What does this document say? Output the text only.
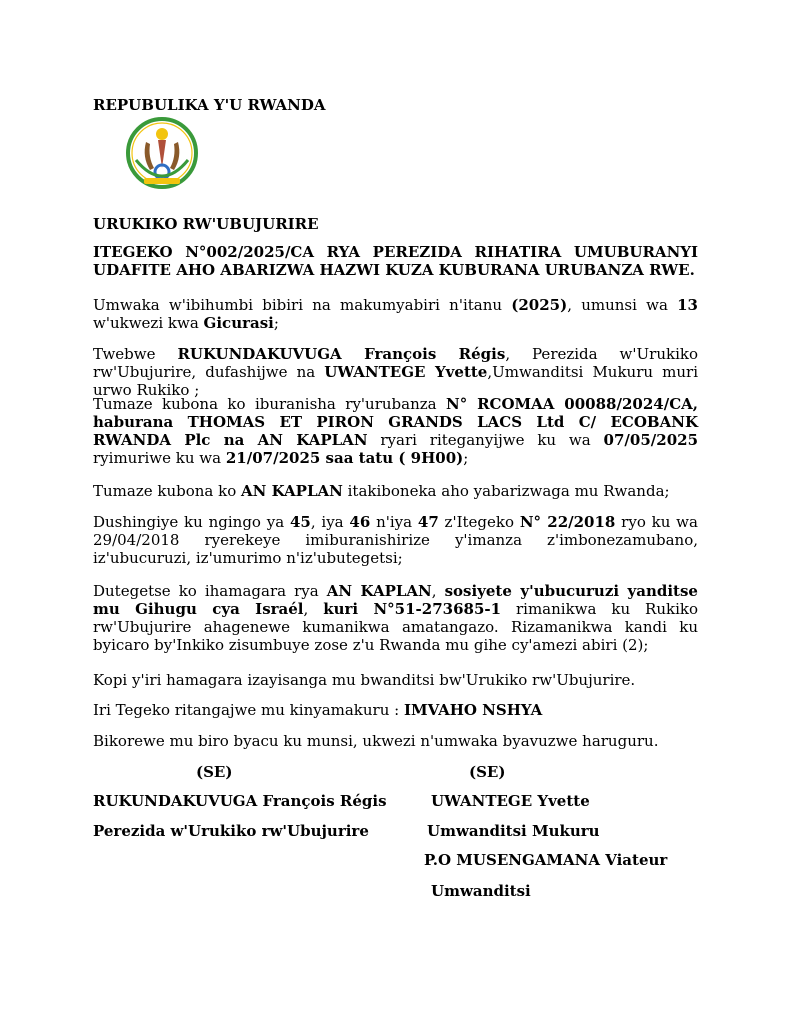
REPUBULIKA Y'U RWANDA
URUKIKO RW'UBUJURIRE
ITEGEKO N°002/2025/CA RYA PEREZIDA RIHATIRA UMUBURANYI
UDAFITE AHO ABARIZWA HAZWI KUZA KUBURANA URUBANZA RWE.

Umwaka w'ibihumbi bibiri na makumyabiri n'itanu (2025), umunsi wa 13 w'ukwezi kwa Gicurasi;

Twebwe RUKUNDAKUVUGA François Régis, Perezida w'Urukiko rw'Ubujurire, dufashijwe na UWANTEGE Yvette,Umwanditsi Mukuru muri urwo Rukiko ;

Tumaze kubona ko iburanisha ry'urubanza N° RCOMAA 00088/2024/CA, haburana THOMAS ET PIRON GRANDS LACS Ltd C/ ECOBANK RWANDA Plc na AN KAPLAN ryari riteganyijwe ku wa 07/05/2025 ryimuriwe ku wa 21/07/2025 saa tatu ( 9H00);

Tumaze kubona ko AN KAPLAN itakiboneka aho yabarizwaga mu Rwanda;

Dushingiye ku ngingo ya 45, iya 46 n'iya 47 z'Itegeko N° 22/2018 ryo ku wa 29/04/2018 ryerekeye imiburanishirize y'imanza z'imbonezamubano, iz'ubucuruzi, iz'umurimo n'iz'ubutegetsi;

Dutegetse ko ihamagara rya AN KAPLAN, sosiyete y'ubucuruzi yanditse mu Gihugu cya Israél, kuri N°51-273685-1 rimanikwa ku Rukiko rw'Ubujurire ahagenewe kumanikwa amatangazo. Rizamanikwa kandi ku byicaro by'Inkiko zisumbuye zose z'u Rwanda mu gihe cy'amezi abiri (2);

Kopi y'iri hamagara izayisanga mu bwanditsi bw'Urukiko rw'Ubujurire.

Iri Tegeko ritangajwe mu kinyamakuru : IMVAHO NSHYA

Bikorewe mu biro byacu ku munsi, ukwezi n'umwaka byavuzwe haruguru.

(SE)	(SE)
RUKUNDAKUVUGA François Régis
Perezida w'Urukiko rw'Ubujurire
UWANTEGE Yvette
Umwanditsi Mukuru
P.O MUSENGAMANA Viateur
Umwanditsi
